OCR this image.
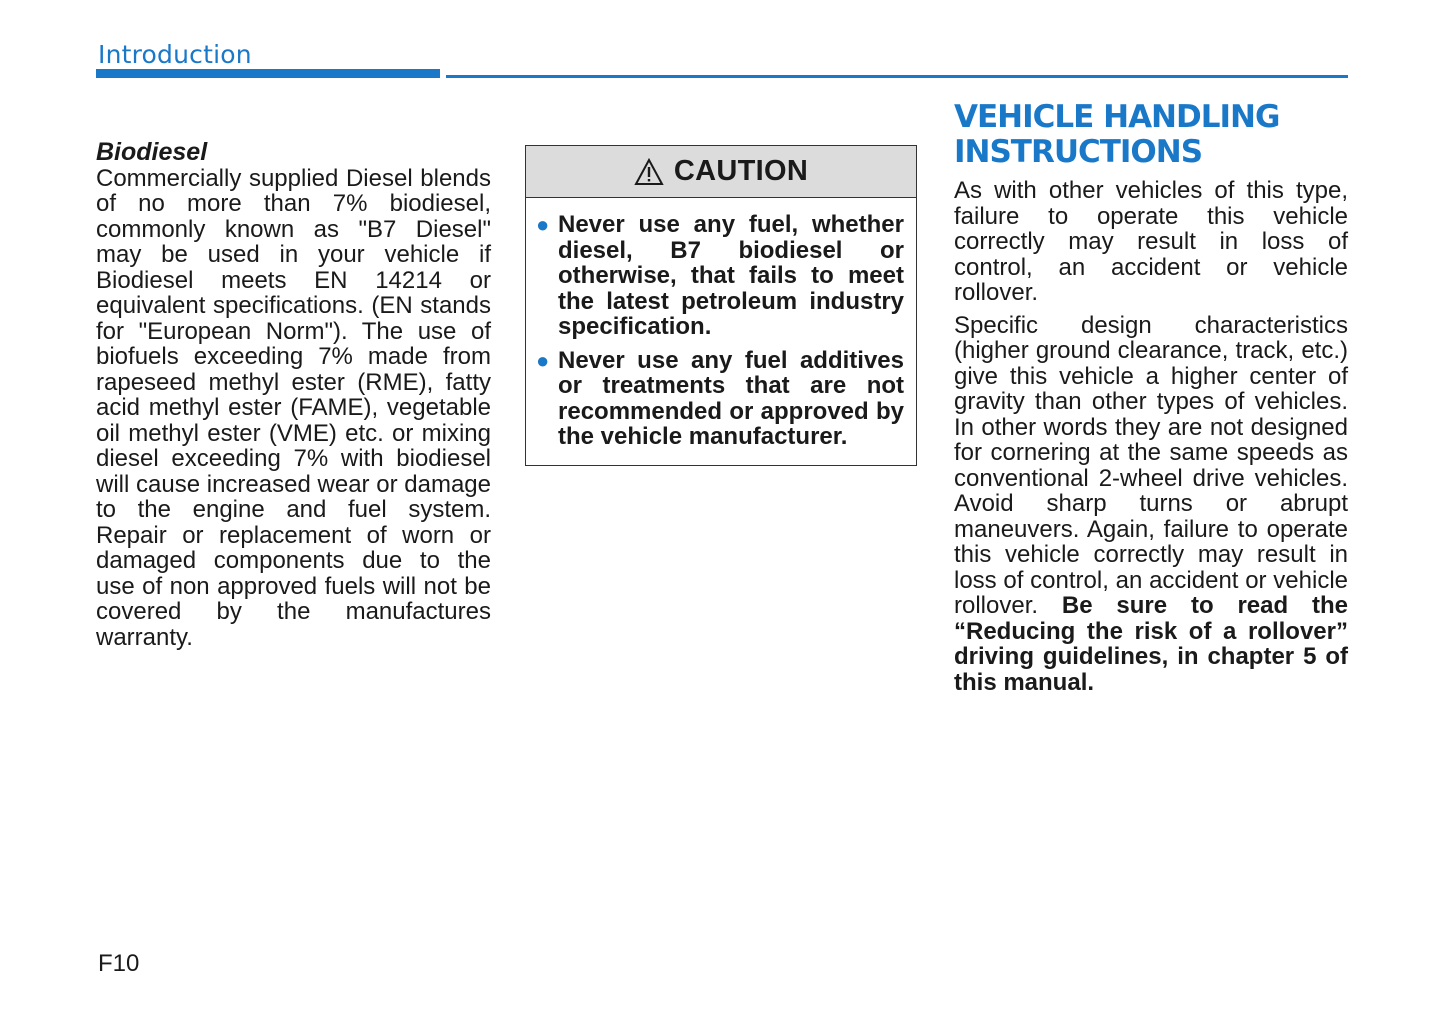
Introduction

Biodiesel

Commercially supplied Diesel blends of no more than 7% biodiesel, commonly known as "B7 Diesel" may be used in your vehicle if Biodiesel meets EN 14214 or equivalent specifications. (EN stands for "European Norm"). The use of biofuels exceeding 7% made from rapeseed methyl ester (RME), fatty acid methyl ester (FAME), vegetable oil methyl ester (VME) etc. or mixing diesel exceeding 7% with biodiesel will cause increased wear or damage to the engine and fuel system. Repair or replacement of worn or damaged components due to the use of non approved fuels will not be covered by the manufactures warranty.

CAUTION
● Never use any fuel, whether diesel, B7 biodiesel or otherwise, that fails to meet the latest petroleum industry specification.
● Never use any fuel additives or treatments that are not recommended or approved by the vehicle manufacturer.
VEHICLE HANDLING
INSTRUCTIONS

As with other vehicles of this type, failure to operate this vehicle correctly may result in loss of control, an accident or vehicle rollover.

Specific design characteristics (higher ground clearance, track, etc.) give this vehicle a higher center of gravity than other types of vehicles. In other words they are not designed for cornering at the same speeds as conventional 2-wheel drive vehicles. Avoid sharp turns or abrupt maneuvers. Again, failure to operate this vehicle correctly may result in loss of control, an accident or vehicle rollover. Be sure to read the “Reducing the risk of a rollover” driving guidelines, in chapter 5 of this manual.

F10
